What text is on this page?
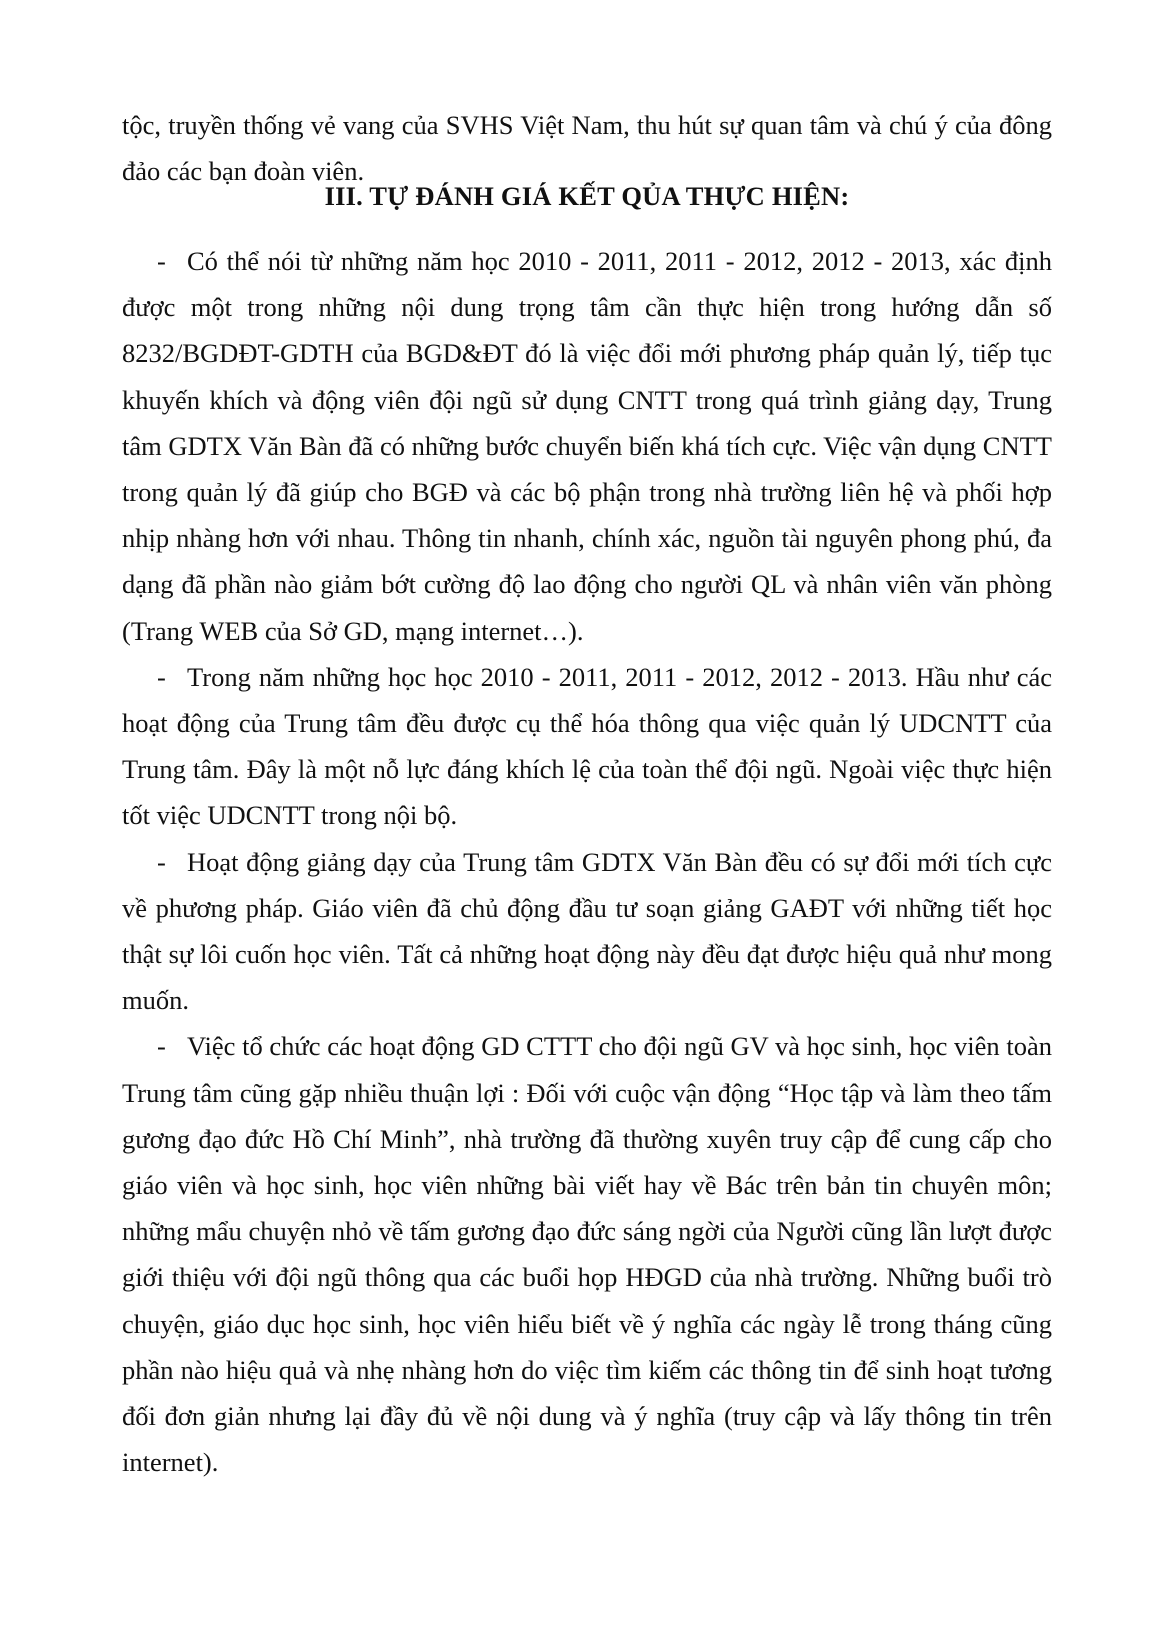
tộc, truyền thống vẻ vang của SVHS Việt Nam, thu hút sự quan tâm và chú ý của đông đảo các bạn đoàn viên.

III. TỰ ĐÁNH GIÁ KẾT QỦA THỰC HIỆN:

- Có thể nói từ những năm học 2010 - 2011, 2011 - 2012, 2012 - 2013, xác định được một trong những nội dung trọng tâm cần thực hiện trong hướng dẫn số 8232/BGDĐT-GDTH của BGD&ĐT đó là việc đổi mới phương pháp quản lý, tiếp tục khuyến khích và động viên đội ngũ sử dụng CNTT trong quá trình giảng dạy, Trung tâm GDTX Văn Bàn đã có những bước chuyển biến khá tích cực. Việc vận dụng CNTT trong quản lý đã giúp cho BGĐ và các bộ phận trong nhà trường liên hệ và phối hợp nhịp nhàng hơn với nhau. Thông tin nhanh, chính xác, nguồn tài nguyên phong phú, đa dạng đã phần nào giảm bớt cường độ lao động cho người QL và nhân viên văn phòng (Trang WEB của Sở GD, mạng internet…).

- Trong năm những học học 2010 - 2011, 2011 - 2012, 2012 - 2013. Hầu như các hoạt động của Trung tâm đều được cụ thể hóa thông qua việc quản lý UDCNTT của Trung tâm. Đây là một nỗ lực đáng khích lệ của toàn thể đội ngũ. Ngoài việc thực hiện tốt việc UDCNTT trong nội bộ.

- Hoạt động giảng dạy của Trung tâm GDTX Văn Bàn đều có sự đổi mới tích cực về phương pháp. Giáo viên đã chủ động đầu tư soạn giảng GAĐT với những tiết học thật sự lôi cuốn học viên. Tất cả những hoạt động này đều đạt được hiệu quả như mong muốn.

- Việc tổ chức các hoạt động GD CTTT cho đội ngũ GV và học sinh, học viên toàn Trung tâm cũng gặp nhiều thuận lợi : Đối với cuộc vận động “Học tập và làm theo tấm gương đạo đức Hồ Chí Minh”, nhà trường đã thường xuyên truy cập để cung cấp cho giáo viên và học sinh, học viên những bài viết hay về Bác trên bản tin chuyên môn; những mẩu chuyện nhỏ về tấm gương đạo đức sáng ngời của Người cũng lần lượt được giới thiệu với đội ngũ thông qua các buổi họp HĐGD của nhà trường. Những buổi trò chuyện, giáo dục học sinh, học viên hiểu biết về ý nghĩa các ngày lễ trong tháng cũng phần nào hiệu quả và nhẹ nhàng hơn do việc tìm kiếm các thông tin để sinh hoạt tương đối đơn giản nhưng lại đầy đủ về nội dung và ý nghĩa (truy cập và lấy thông tin trên internet).
